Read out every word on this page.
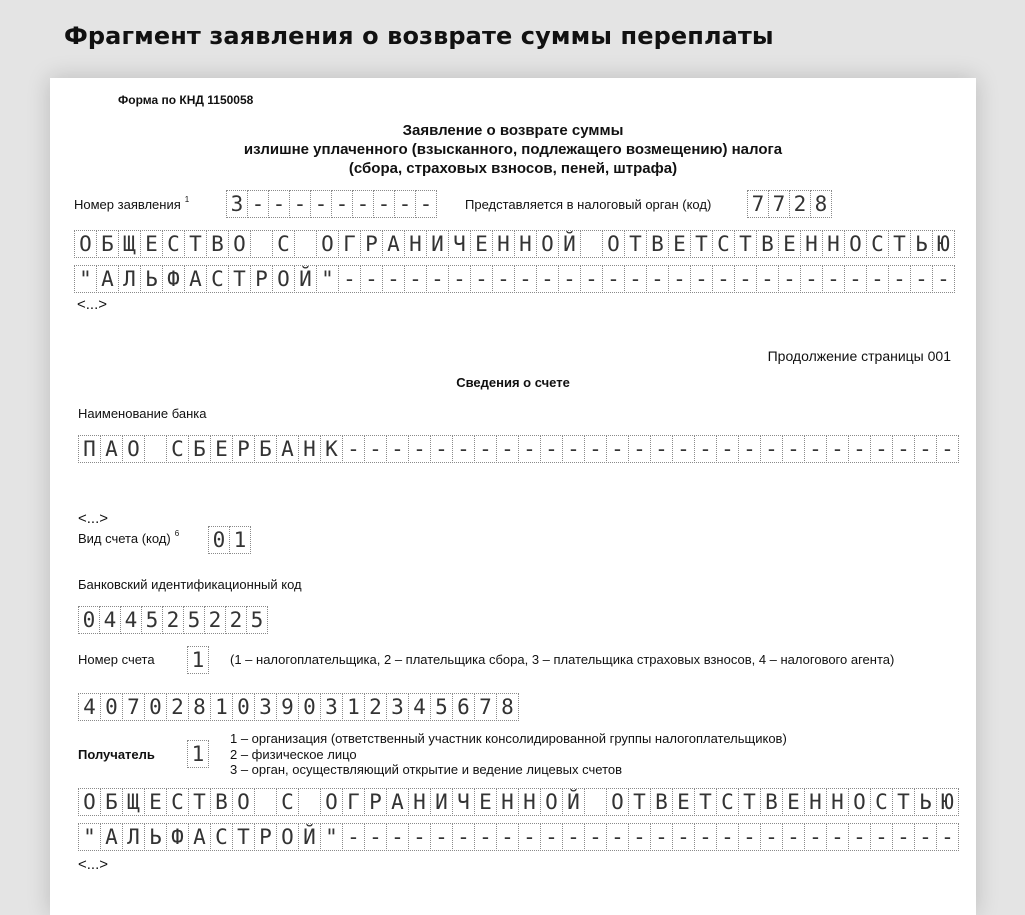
Фрагмент заявления о возврате суммы переплаты
Форма по КНД 1150058
Заявление о возврате суммы
излишне уплаченного (взысканного, подлежащего возмещению) налога
(сбора, страховых взносов, пеней, штрафа)
Номер заявления $^1$ 3 - - - - - - - - -	Представляется в налоговый орган (код) 7 7 2 8
О Б Щ Е С Т В О С О Г Р А Н И Ч Е Н Н О Й О Т В Е Т С Т В Е Н Н О С Т Ь Ю
" А Л Ь Ф А С Т Р О Й " - - - - - - - - - - - - - - - - - - - - - - - - - - - -
<...>
Продолжение страницы 001
Сведения о счете
Наименование банка
П А О С Б Е Р Б А Н К - - - - - - - - - - - - - - - - - - - - - - - - - - - -
<...>
Вид счета (код) $^6$ 0 1
Банковский идентификационный код
0 4 4 5 2 5 2 2 5
Номер счета 1	(1 – налогоплательщика, 2 – плательщика сбора, 3 – плательщика страховых взносов, 4 – налогового агента)
4 0 7 0 2 8 1 0 3 9 0 3 1 2 3 4 5 6 7 8
Получатель 1
1 – организация (ответственный участник консолидированной группы налогоплательщиков)
2 – физическое лицо
3 – орган, осуществляющий открытие и ведение лицевых счетов
О Б Щ Е С Т В О С О Г Р А Н И Ч Е Н Н О Й О Т В Е Т С Т В Е Н Н О С Т Ь Ю
" А Л Ь Ф А С Т Р О Й " - - - - - - - - - - - - - - - - - - - - - - - - - - - -
<...>
